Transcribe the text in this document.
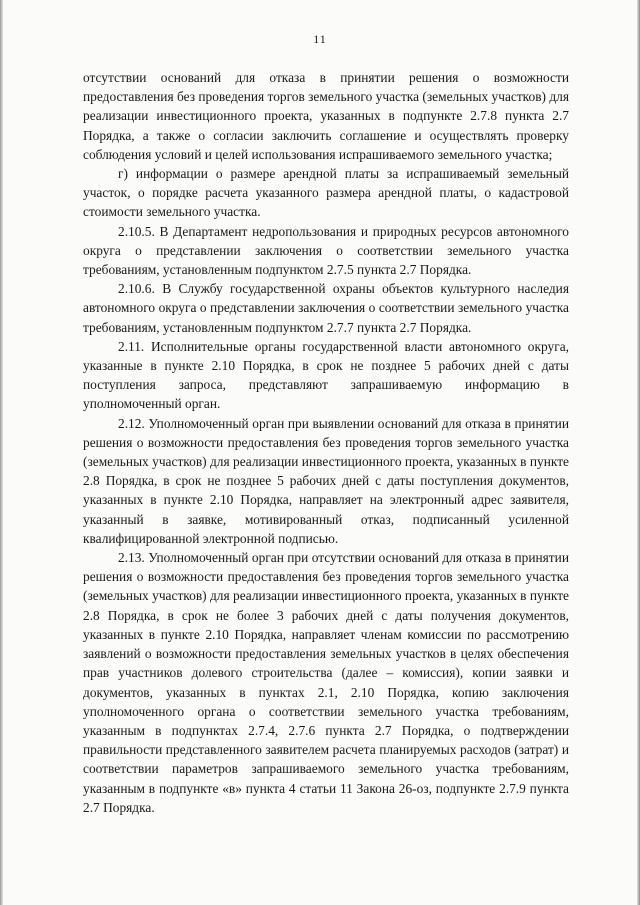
11

отсутствии оснований для отказа в принятии решения о возможности предоставления без проведения торгов земельного участка (земельных участков) для реализации инвестиционного проекта, указанных в подпункте 2.7.8 пункта 2.7 Порядка, а также о согласии заключить соглашение и осуществлять проверку соблюдения условий и целей использования испрашиваемого земельного участка;

г) информации о размере арендной платы за испрашиваемый земельный участок, о порядке расчета указанного размера арендной платы, о кадастровой стоимости земельного участка.

2.10.5. В Департамент недропользования и природных ресурсов автономного округа о представлении заключения о соответствии земельного участка требованиям, установленным подпунктом 2.7.5 пункта 2.7 Порядка.

2.10.6. В Службу государственной охраны объектов культурного наследия автономного округа о представлении заключения о соответствии земельного участка требованиям, установленным подпунктом 2.7.7 пункта 2.7 Порядка.

2.11. Исполнительные органы государственной власти автономного округа, указанные в пункте 2.10 Порядка, в срок не позднее 5 рабочих дней с даты поступления запроса, представляют запрашиваемую информацию в уполномоченный орган.

2.12. Уполномоченный орган при выявлении оснований для отказа в принятии решения о возможности предоставления без проведения торгов земельного участка (земельных участков) для реализации инвестиционного проекта, указанных в пункте 2.8 Порядка, в срок не позднее 5 рабочих дней с даты поступления документов, указанных в пункте 2.10 Порядка, направляет на электронный адрес заявителя, указанный в заявке, мотивированный отказ, подписанный усиленной квалифицированной электронной подписью.

2.13. Уполномоченный орган при отсутствии оснований для отказа в принятии решения о возможности предоставления без проведения торгов земельного участка (земельных участков) для реализации инвестиционного проекта, указанных в пункте 2.8 Порядка, в срок не более 3 рабочих дней с даты получения документов, указанных в пункте 2.10 Порядка, направляет членам комиссии по рассмотрению заявлений о возможности предоставления земельных участков в целях обеспечения прав участников долевого строительства (далее – комиссия), копии заявки и документов, указанных в пунктах 2.1, 2.10 Порядка, копию заключения уполномоченного органа о соответствии земельного участка требованиям, указанным в подпунктах 2.7.4, 2.7.6 пункта 2.7 Порядка, о подтверждении правильности представленного заявителем расчета планируемых расходов (затрат) и соответствии параметров запрашиваемого земельного участка требованиям, указанным в подпункте «в» пункта 4 статьи 11 Закона 26-оз, подпункте 2.7.9 пункта 2.7 Порядка.
